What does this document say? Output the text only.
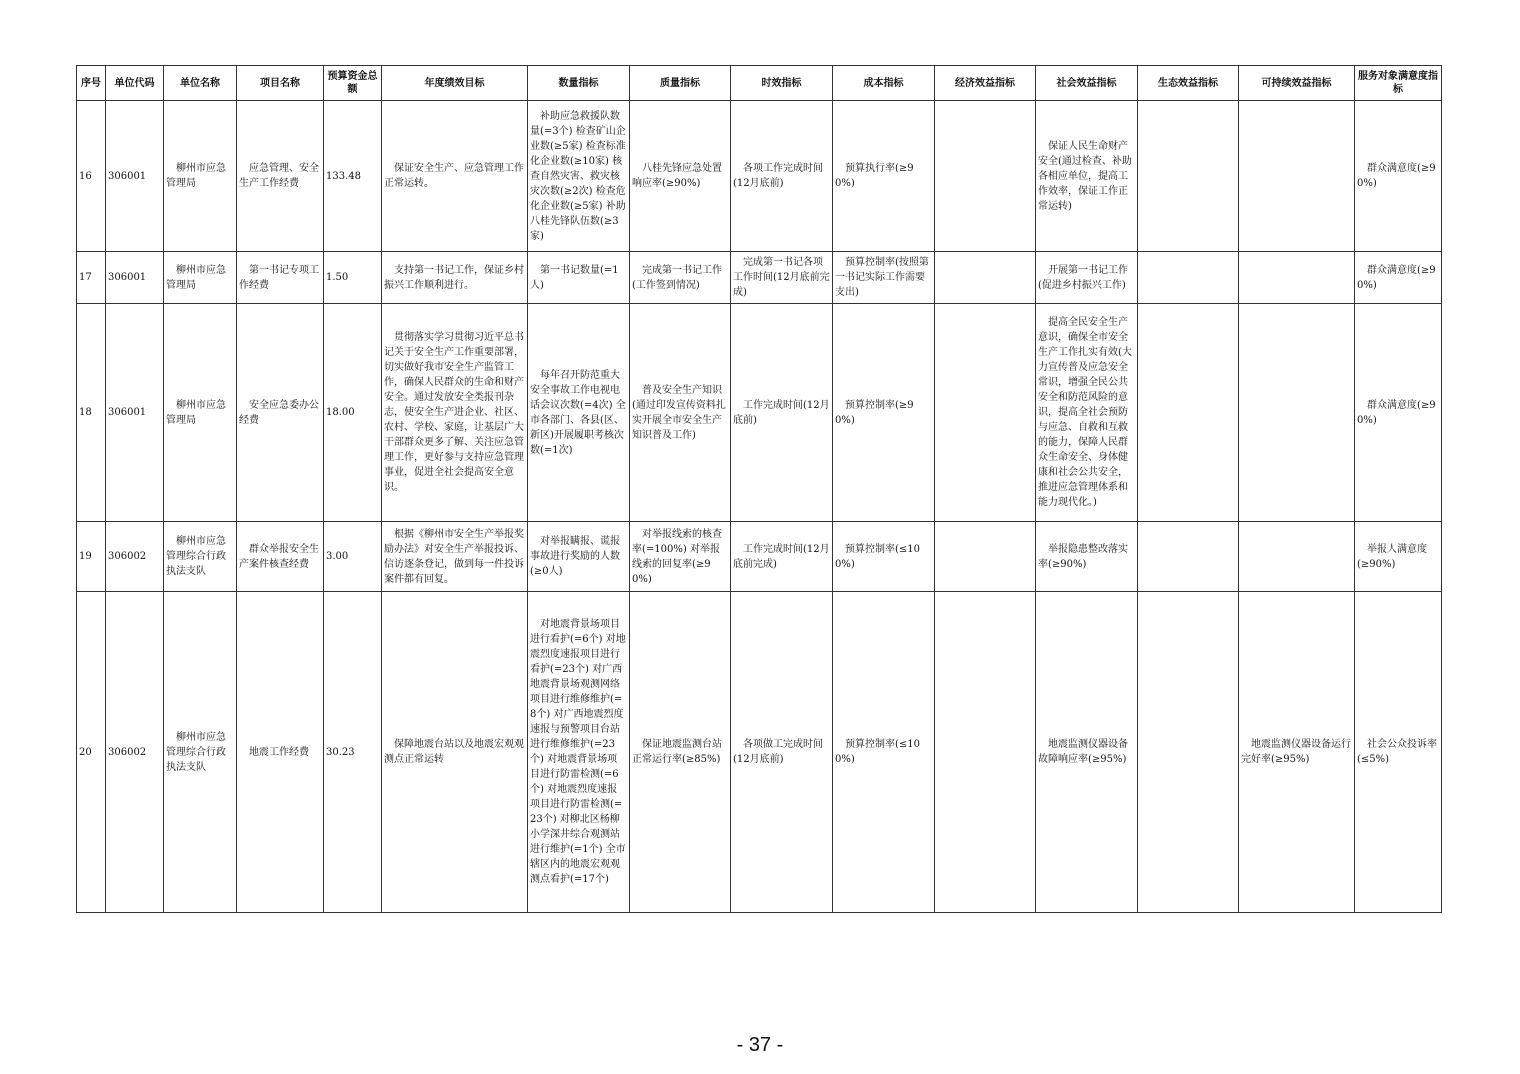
序号	单位代码	单位名称	项目名称	预算资金总额	年度绩效目标	数量指标	质量指标	时效指标	成本指标	经济效益指标	社会效益指标	生态效益指标	可持续效益指标	服务对象满意度指标
16	306001	柳州市应急管理局	应急管理、安全生产工作经费	133.48	保证安全生产、应急管理工作正常运转。	补助应急救援队数量(=3个) 检查矿山企业数(≥5家) 检查标准化企业数(≥10家) 核查自然灾害、救灾核灾次数(≥2次) 检查危化企业数(≥5家) 补助八桂先锋队伍数(≥3家)	八桂先锋应急处置响应率(≥90%)	各项工作完成时间(12月底前)	预算执行率(≥90%)		保证人民生命财产安全(通过检查、补助各相应单位，提高工作效率，保证工作正常运转)			群众满意度(≥90%)
17	306001	柳州市应急管理局	第一书记专项工作经费	1.50	支持第一书记工作，保证乡村振兴工作顺利进行。	第一书记数量(=1人)	完成第一书记工作(工作签到情况)	完成第一书记各项工作时间(12月底前完成)	预算控制率(按照第一书记实际工作需要支出)		开展第一书记工作(促进乡村振兴工作)			群众满意度(≥90%)
18	306001	柳州市应急管理局	安全应急委办公经费	18.00	贯彻落实学习贯彻习近平总书记关于安全生产工作重要部署，切实做好我市安全生产监管工作，确保人民群众的生命和财产安全。通过发放安全类报刊杂志，使安全生产进企业、社区、农村、学校、家庭，让基层广大干部群众更多了解、关注应急管理工作，更好参与支持应急管理事业，促进全社会提高安全意识。	每年召开防范重大安全事故工作电视电话会议次数(=4次) 全市各部门、各县(区、新区)开展履职考核次数(=1次)	普及安全生产知识(通过印发宣传资料扎实开展全市安全生产知识普及工作)	工作完成时间(12月底前)	预算控制率(≥90%)		提高全民安全生产意识，确保全市安全生产工作扎实有效(大力宣传普及应急安全常识，增强全民公共安全和防范风险的意识，提高全社会预防与应急、自救和互救的能力，保障人民群众生命安全、身体健康和社会公共安全，推进应急管理体系和能力现代化。)			群众满意度(≥90%)
19	306002	柳州市应急管理综合行政执法支队	群众举报安全生产案件核查经费	3.00	根据《柳州市安全生产举报奖励办法》对安全生产举报投诉、信访逐条登记，做到每一件投诉案件都有回复。	对举报瞒报、谎报事故进行奖励的人数(≥0人)	对举报线索的核查率(=100%) 对举报线索的回复率(≥90%)	工作完成时间(12月底前完成)	预算控制率(≤100%)		举报隐患整改落实率(≥90%)			举报人满意度(≥90%)
20	306002	柳州市应急管理综合行政执法支队	地震工作经费	30.23	保障地震台站以及地震宏观观测点正常运转	对地震背景场项目进行看护(=6个) 对地震烈度速报项目进行看护(=23个) 对广西地震背景场观测网络项目进行维修维护(=8个) 对广西地震烈度速报与预警项目台站进行维修维护(=23个) 对地震背景场项目进行防雷检测(=6个) 对地震烈度速报项目进行防雷检测(=23个) 对柳北区杨柳小学深井综合观测站进行维护(=1个) 全市辖区内的地震宏观观测点看护(=17个)	保证地震监测台站正常运行率(≥85%)	各项做工完成时间(12月底前)	预算控制率(≤100%)		地震监测仪器设备故障响应率(≥95%)		地震监测仪器设备运行完好率(≥95%)	社会公众投诉率(≤5%)
- 37 -
